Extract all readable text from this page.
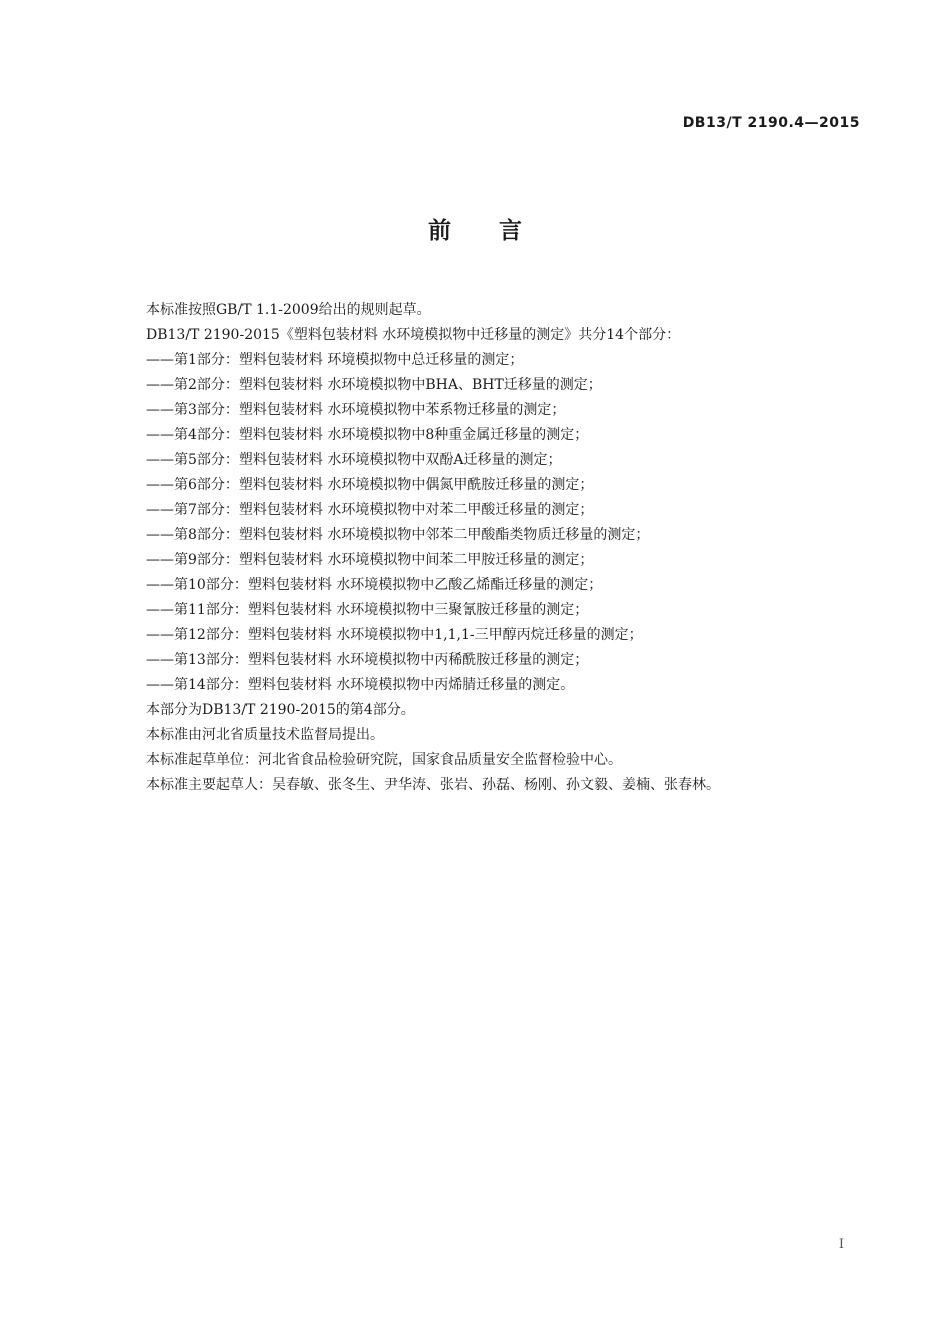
DB13/T 2190.4—2015
前言
本标准按照GB/T 1.1-2009给出的规则起草。
DB13/T 2190-2015《塑料包装材料 水环境模拟物中迁移量的测定》共分14个部分：
——第1部分：塑料包装材料 环境模拟物中总迁移量的测定；
——第2部分：塑料包装材料 水环境模拟物中BHA、BHT迁移量的测定；
——第3部分：塑料包装材料 水环境模拟物中苯系物迁移量的测定；
——第4部分：塑料包装材料 水环境模拟物中8种重金属迁移量的测定；
——第5部分：塑料包装材料 水环境模拟物中双酚A迁移量的测定；
——第6部分：塑料包装材料 水环境模拟物中偶氮甲酰胺迁移量的测定；
——第7部分：塑料包装材料 水环境模拟物中对苯二甲酸迁移量的测定；
——第8部分：塑料包装材料 水环境模拟物中邻苯二甲酸酯类物质迁移量的测定；
——第9部分：塑料包装材料 水环境模拟物中间苯二甲胺迁移量的测定；
——第10部分：塑料包装材料 水环境模拟物中乙酸乙烯酯迁移量的测定；
——第11部分：塑料包装材料 水环境模拟物中三聚氰胺迁移量的测定；
——第12部分：塑料包装材料 水环境模拟物中1,1,1-三甲醇丙烷迁移量的测定；
——第13部分：塑料包装材料 水环境模拟物中丙稀酰胺迁移量的测定；
——第14部分：塑料包装材料 水环境模拟物中丙烯腈迁移量的测定。
本部分为DB13/T 2190-2015的第4部分。
本标准由河北省质量技术监督局提出。
本标准起草单位：河北省食品检验研究院，国家食品质量安全监督检验中心。
本标准主要起草人：吴春敏、张冬生、尹华涛、张岩、孙磊、杨刚、孙文毅、姜楠、张春林。
I
